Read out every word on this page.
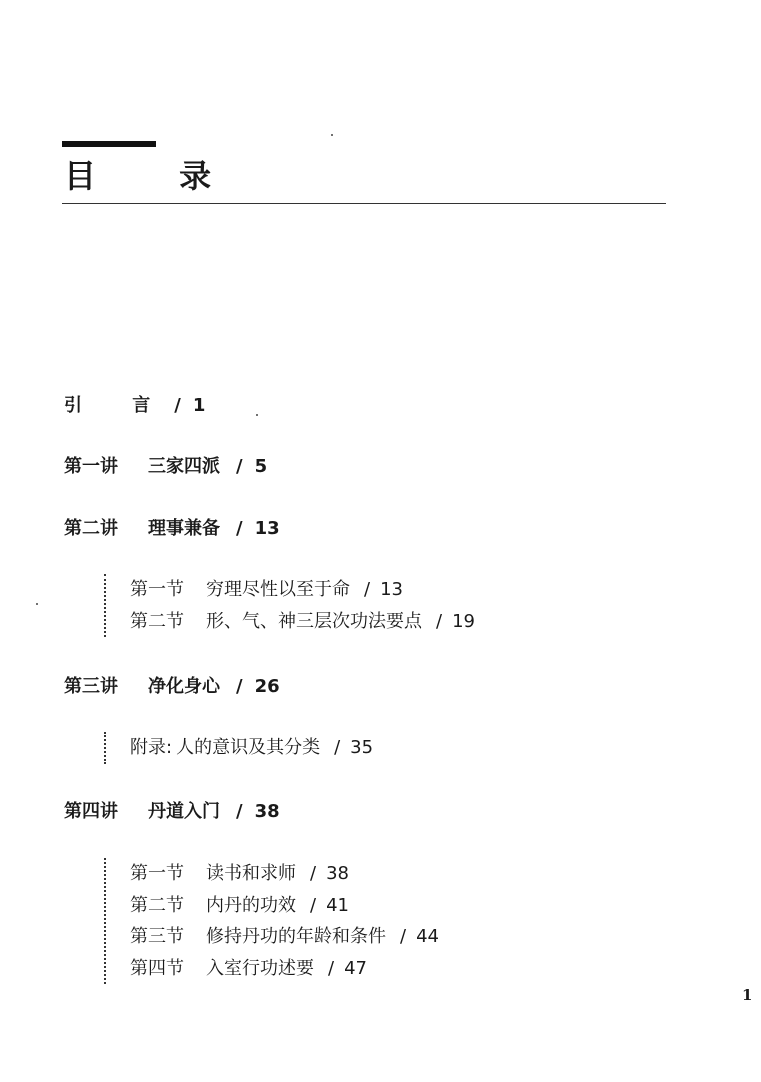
目 录
引 言 / 1
第一讲 三家四派 / 5
第二讲 理事兼备 / 13
第一节 穷理尽性以至于命 / 13
第二节 形、气、神三层次功法要点 / 19
第三讲 净化身心 / 26
附录: 人的意识及其分类 / 35
第四讲 丹道入门 / 38
第一节 读书和求师 / 38
第二节 内丹的功效 / 41
第三节 修持丹功的年龄和条件 / 44
第四节 入室行功述要 / 47
1
